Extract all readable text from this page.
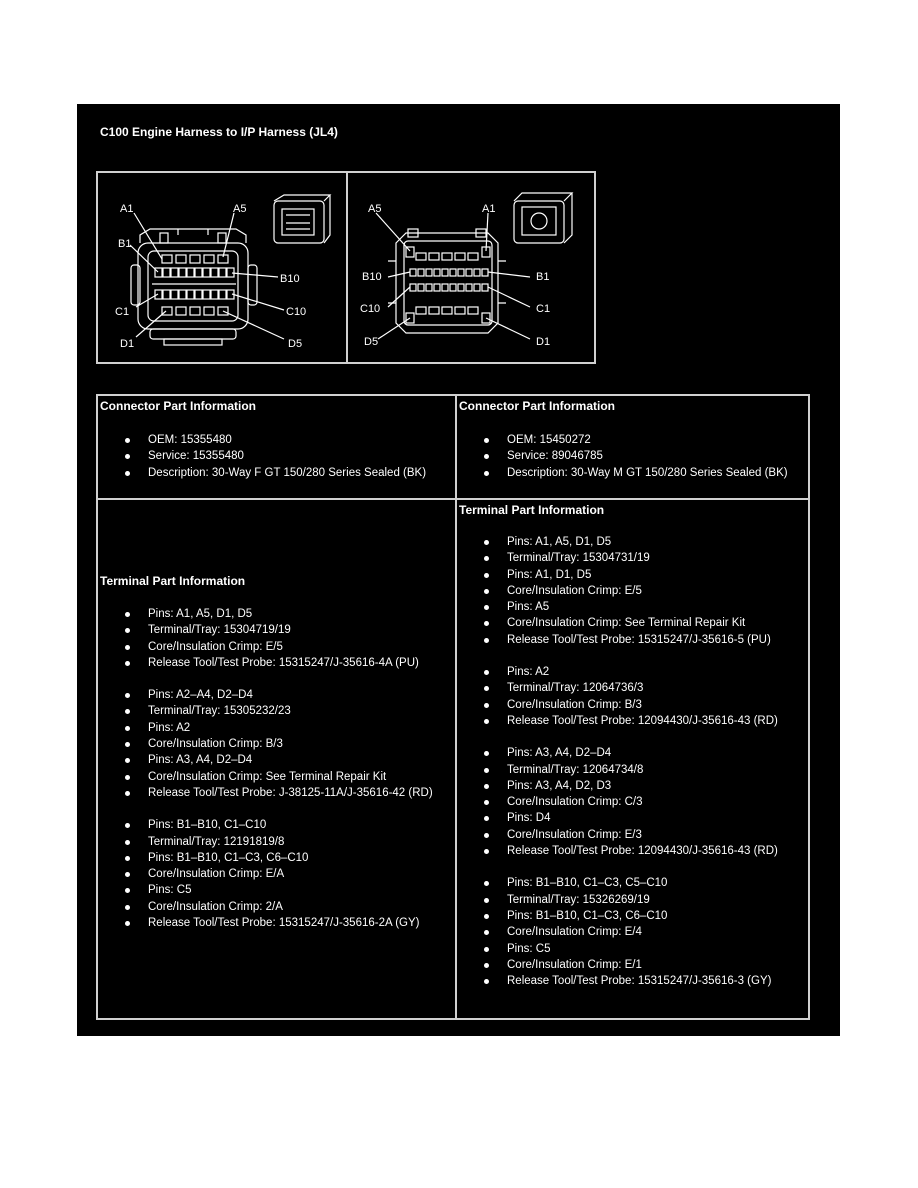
C100 Engine Harness to I/P Harness (JL4)
A1	A5
B1
B10
C1	C10
D1	D5
A5	A1
B10	B1
C10	C1
D5	D1
Connector Part Information
OEM: 15355480
Service: 15355480
Description: 30-Way F GT 150/280 Series Sealed (BK)
Connector Part Information
OEM: 15450272
Service: 89046785
Description: 30-Way M GT 150/280 Series Sealed (BK)
Terminal Part Information
Pins: A1, A5, D1, D5
Terminal/Tray: 15304719/19
Core/Insulation Crimp: E/5
Release Tool/Test Probe: 15315247/J-35616-4A (PU)
Pins: A2–A4, D2–D4
Terminal/Tray: 15305232/23
Pins: A2
Core/Insulation Crimp: B/3
Pins: A3, A4, D2–D4
Core/Insulation Crimp: See Terminal Repair Kit
Release Tool/Test Probe: J-38125-11A/J-35616-42 (RD)
Pins: B1–B10, C1–C10
Terminal/Tray: 12191819/8
Pins: B1–B10, C1–C3, C6–C10
Core/Insulation Crimp: E/A
Pins: C5
Core/Insulation Crimp: 2/A
Release Tool/Test Probe: 15315247/J-35616-2A (GY)
Terminal Part Information
Pins: A1, A5, D1, D5
Terminal/Tray: 15304731/19
Pins: A1, D1, D5
Core/Insulation Crimp: E/5
Pins: A5
Core/Insulation Crimp: See Terminal Repair Kit
Release Tool/Test Probe: 15315247/J-35616-5 (PU)
Pins: A2
Terminal/Tray: 12064736/3
Core/Insulation Crimp: B/3
Release Tool/Test Probe: 12094430/J-35616-43 (RD)
Pins: A3, A4, D2–D4
Terminal/Tray: 12064734/8
Pins: A3, A4, D2, D3
Core/Insulation Crimp: C/3
Pins: D4
Core/Insulation Crimp: E/3
Release Tool/Test Probe: 12094430/J-35616-43 (RD)
Pins: B1–B10, C1–C3, C5–C10
Terminal/Tray: 15326269/19
Pins: B1–B10, C1–C3, C6–C10
Core/Insulation Crimp: E/4
Pins: C5
Core/Insulation Crimp: E/1
Release Tool/Test Probe: 15315247/J-35616-3 (GY)
